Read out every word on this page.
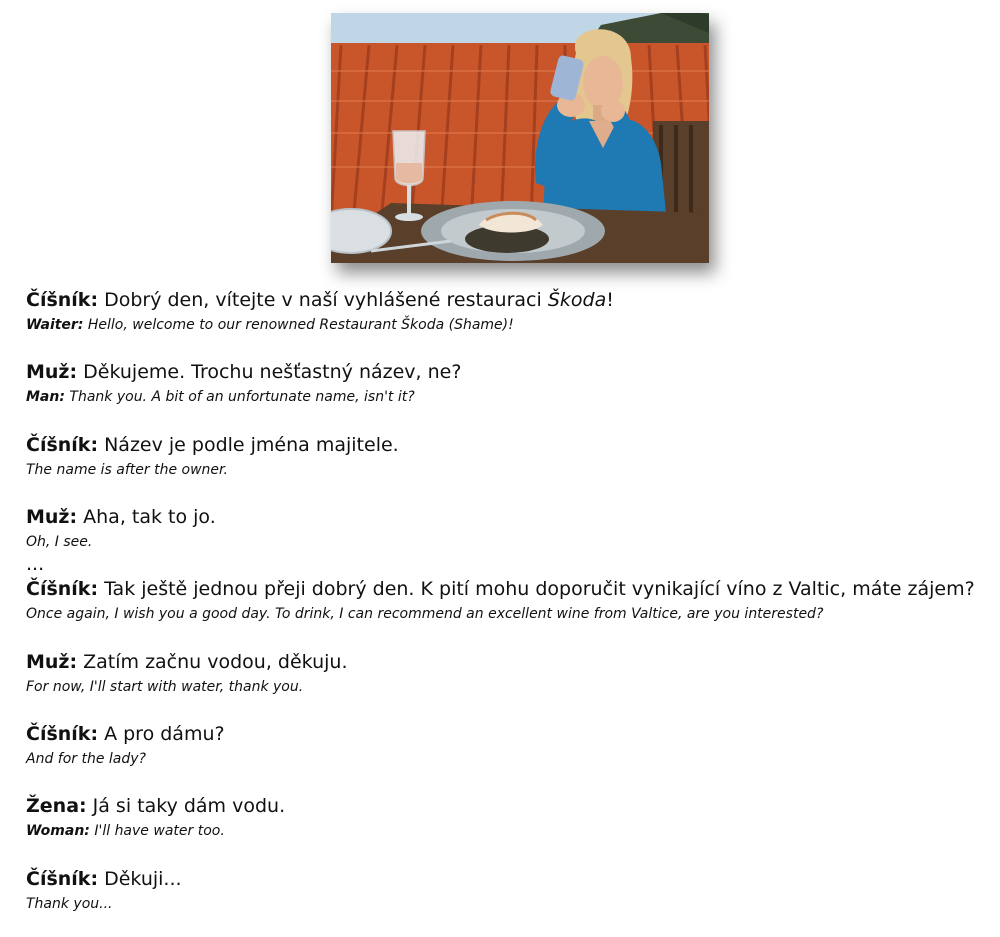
Číšník: Dobrý den, vítejte v naší vyhlášené restauraci Škoda!
Waiter: Hello, welcome to our renowned Restaurant Škoda (Shame)!
Muž: Děkujeme. Trochu nešťastný název, ne?
Man: Thank you. A bit of an unfortunate name, isn't it?
Číšník: Název je podle jména majitele.
The name is after the owner.
Muž: Aha, tak to jo.
Oh, I see.
...
Číšník: Tak ještě jednou přeji dobrý den. K pití mohu doporučit vynikající víno z Valtic, máte zájem?
Once again, I wish you a good day. To drink, I can recommend an excellent wine from Valtice, are you interested?
Muž: Zatím začnu vodou, děkuju.
For now, I'll start with water, thank you.
Číšník: A pro dámu?
And for the lady?
Žena: Já si taky dám vodu.
Woman: I'll have water too.
Číšník: Děkuji...
Thank you...
